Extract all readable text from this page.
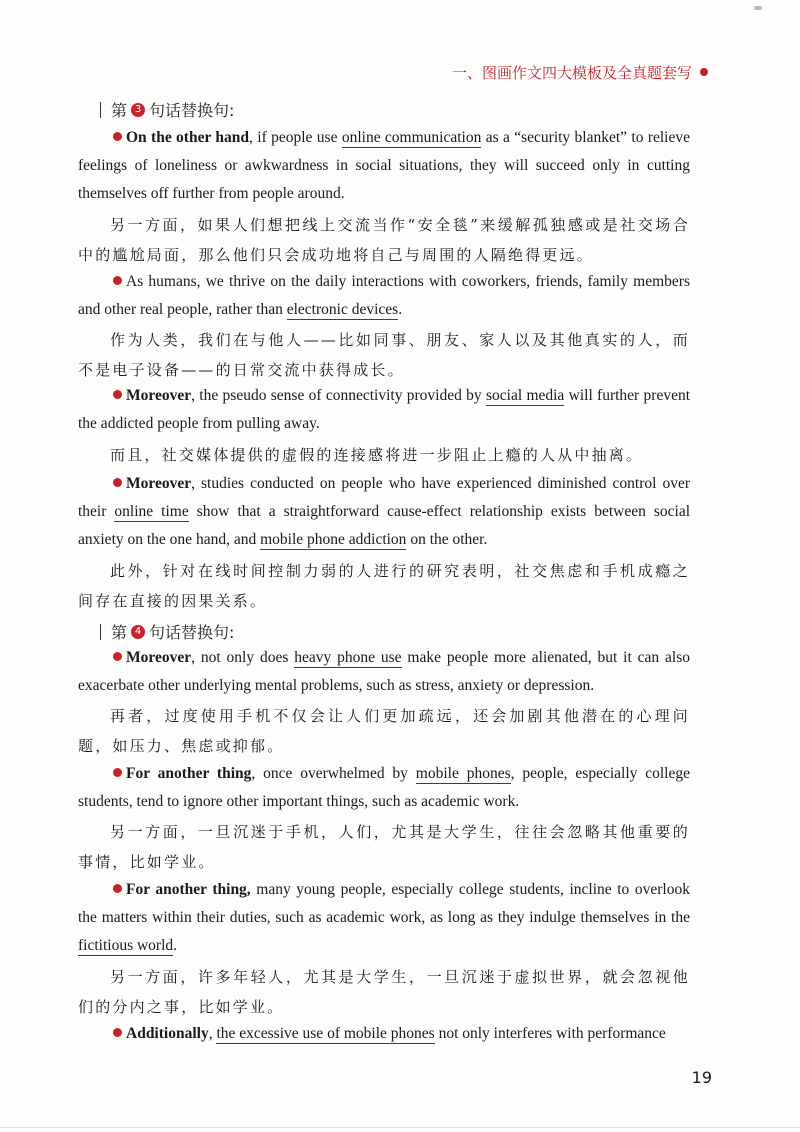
一、图画作文四大模板及全真题套写
第 3 句话替换句:
On the other hand, if people use online communication as a “security blanket” to relieve feelings of loneliness or awkwardness in social situations, they will succeed only in cutting themselves off further from people around.
另一方面，如果人们想把线上交流当作“安全毯”来缓解孤独感或是社交场合中的尴尬局面，那么他们只会成功地将自己与周围的人隔绝得更远。
As humans, we thrive on the daily interactions with coworkers, friends, family members and other real people, rather than electronic devices.
作为人类，我们在与他人——比如同事、朋友、家人以及其他真实的人，而不是电子设备——的日常交流中获得成长。
Moreover, the pseudo sense of connectivity provided by social media will further prevent the addicted people from pulling away.
而且，社交媒体提供的虚假的连接感将进一步阻止上瘾的人从中抽离。
Moreover, studies conducted on people who have experienced diminished control over their online time show that a straightforward cause-effect relationship exists between social anxiety on the one hand, and mobile phone addiction on the other.
此外，针对在线时间控制力弱的人进行的研究表明，社交焦虑和手机成瘾之间存在直接的因果关系。
第 4 句话替换句:
Moreover, not only does heavy phone use make people more alienated, but it can also exacerbate other underlying mental problems, such as stress, anxiety or depression.
再者，过度使用手机不仅会让人们更加疏远，还会加剧其他潜在的心理问题，如压力、焦虑或抑郁。
For another thing, once overwhelmed by mobile phones, people, especially college students, tend to ignore other important things, such as academic work.
另一方面，一旦沉迷于手机，人们，尤其是大学生，往往会忽略其他重要的事情，比如学业。
For another thing, many young people, especially college students, incline to overlook the matters within their duties, such as academic work, as long as they indulge themselves in the fictitious world.
另一方面，许多年轻人，尤其是大学生，一旦沉迷于虚拟世界，就会忽视他们的分内之事，比如学业。
Additionally, the excessive use of mobile phones not only interferes with performance
19
